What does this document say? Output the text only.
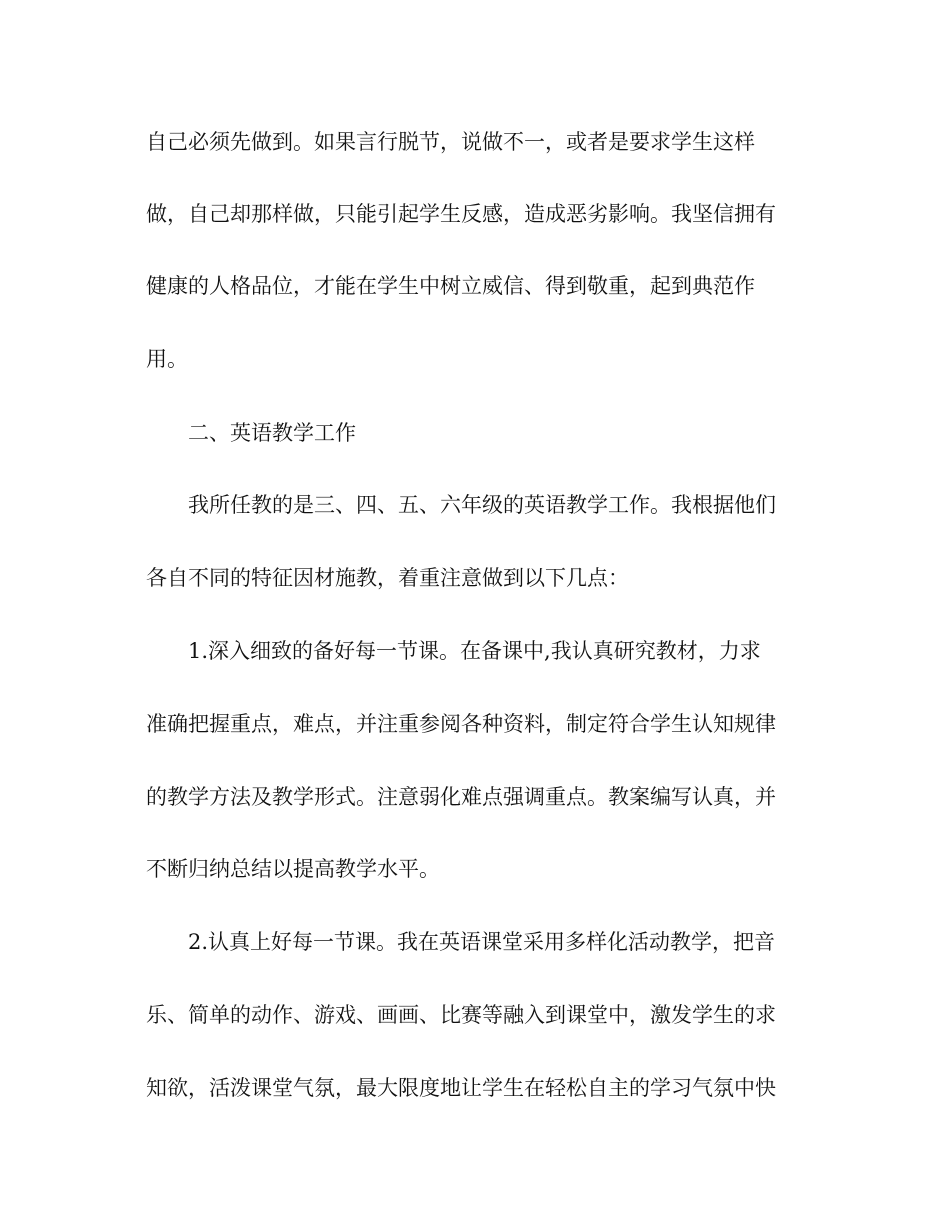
自己必须先做到。如果言行脱节，说做不一，或者是要求学生这样
做，自己却那样做，只能引起学生反感，造成恶劣影响。我坚信拥有
健康的人格品位，才能在学生中树立威信、得到敬重，起到典范作
用。
二、英语教学工作
我所任教的是三、四、五、六年级的英语教学工作。我根据他们
各自不同的特征因材施教，着重注意做到以下几点：
1.深入细致的备好每一节课。在备课中,我认真研究教材，力求
准确把握重点，难点，并注重参阅各种资料，制定符合学生认知规律
的教学方法及教学形式。注意弱化难点强调重点。教案编写认真，并
不断归纳总结以提高教学水平。
2.认真上好每一节课。我在英语课堂采用多样化活动教学，把音
乐、简单的动作、游戏、画画、比赛等融入到课堂中，激发学生的求
知欲，活泼课堂气氛，最大限度地让学生在轻松自主的学习气氛中快
